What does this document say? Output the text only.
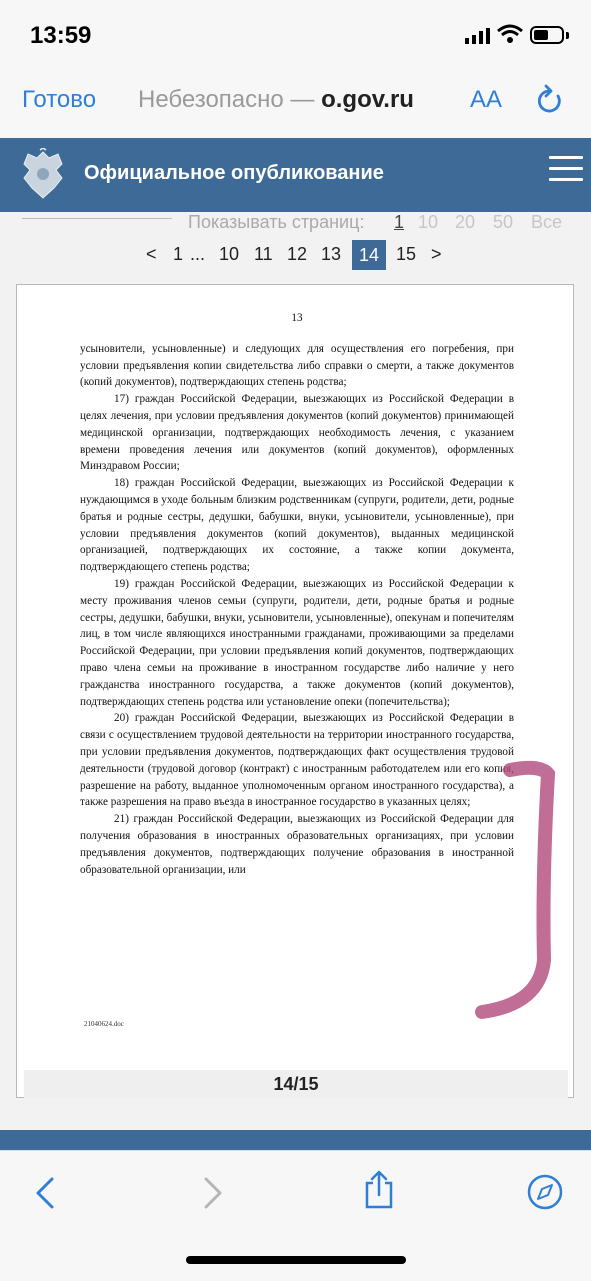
13:59
Готово Небезопасно — o.gov.ru	AA
Официальное опубликование
Показывать страниц: 1 10 20 50 Все
< 1 ... 10 11 12 13 14 15 >
13

усыновители, усыновленные) и следующих для осуществления его погребения, при условии предъявления копии свидетельства либо справки о смерти, а также документов (копий документов), подтверждающих степень родства;

17) граждан Российской Федерации, выезжающих из Российской Федерации в целях лечения, при условии предъявления документов (копий документов) принимающей медицинской организации, подтверждающих необходимость лечения, с указанием времени проведения лечения или документов (копий документов), оформленных Минздравом России;

18) граждан Российской Федерации, выезжающих из Российской Федерации к нуждающимся в уходе больным близким родственникам (супруги, родители, дети, родные братья и родные сестры, дедушки, бабушки, внуки, усыновители, усыновленные), при условии предъявления документов (копий документов), выданных медицинской организацией, подтверждающих их состояние, а также копии документа, подтверждающего степень родства;

19) граждан Российской Федерации, выезжающих из Российской Федерации к месту проживания членов семьи (супруги, родители, дети, родные братья и родные сестры, дедушки, бабушки, внуки, усыновители, усыновленные), опекунам и попечителям лиц, в том числе являющихся иностранными гражданами, проживающими за пределами Российской Федерации, при условии предъявления копий документов, подтверждающих право члена семьи на проживание в иностранном государстве либо наличие у него гражданства иностранного государства, а также документов (копий документов), подтверждающих степень родства или установление опеки (попечительства);

20) граждан Российской Федерации, выезжающих из Российской Федерации в связи с осуществлением трудовой деятельности на территории иностранного государства, при условии предъявления документов, подтверждающих факт осуществления трудовой деятельности (трудовой договор (контракт) с иностранным работодателем или его копия, разрешение на работу, выданное уполномоченным органом иностранного государства), а также разрешения на право въезда в иностранное государство в указанных целях;

21) граждан Российской Федерации, выезжающих из Российской Федерации для получения образования в иностранных образовательных организациях, при условии предъявления документов, подтверждающих получение образования в иностранной образовательной организации, или

21040624.doc
14/15
